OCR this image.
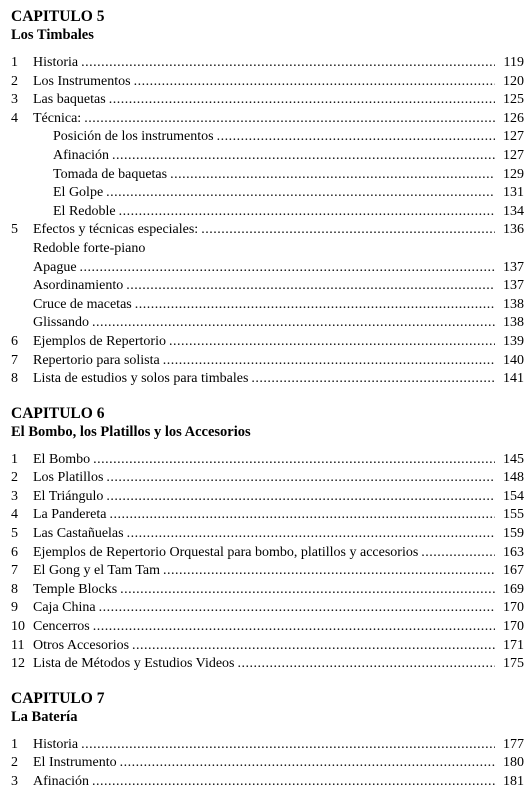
CAPITULO 5
Los Timbales
1	Historia .....	119
2	Los Instrumentos .....	120
3	Las baquetas .....	125
4	Técnica: .....	126
Posición de los instrumentos .....	127
Afinación .....	127
Tomada de baquetas .....	129
El Golpe .....	131
El Redoble .....	134
5	Efectos y técnicas especiales: .....	136
Redoble forte-piano
Apague .....	137
Asordinamiento .....	137
Cruce de macetas .....	138
Glissando .....	138
6	Ejemplos de Repertorio .....	139
7	Repertorio para solista .....	140
8	Lista de estudios y solos para timbales .....	141
CAPITULO 6
El Bombo, los Platillos y los Accesorios
1	El Bombo .....	145
2	Los Platillos .....	148
3	El Triángulo .....	154
4	La Pandereta .....	155
5	Las Castañuelas .....	159
6	Ejemplos de Repertorio Orquestal para bombo, platillos y accesorios .....	163
7	El Gong y el Tam Tam .....	167
8	Temple Blocks .....	169
9	Caja China .....	170
10 Cencerros .....	170
11 Otros Accesorios .....	171
12 Lista de Métodos y Estudios Videos .....	175
CAPITULO 7
La Batería
1	Historia .....	177
2	El Instrumento .....	180
3	Afinación .....	181
